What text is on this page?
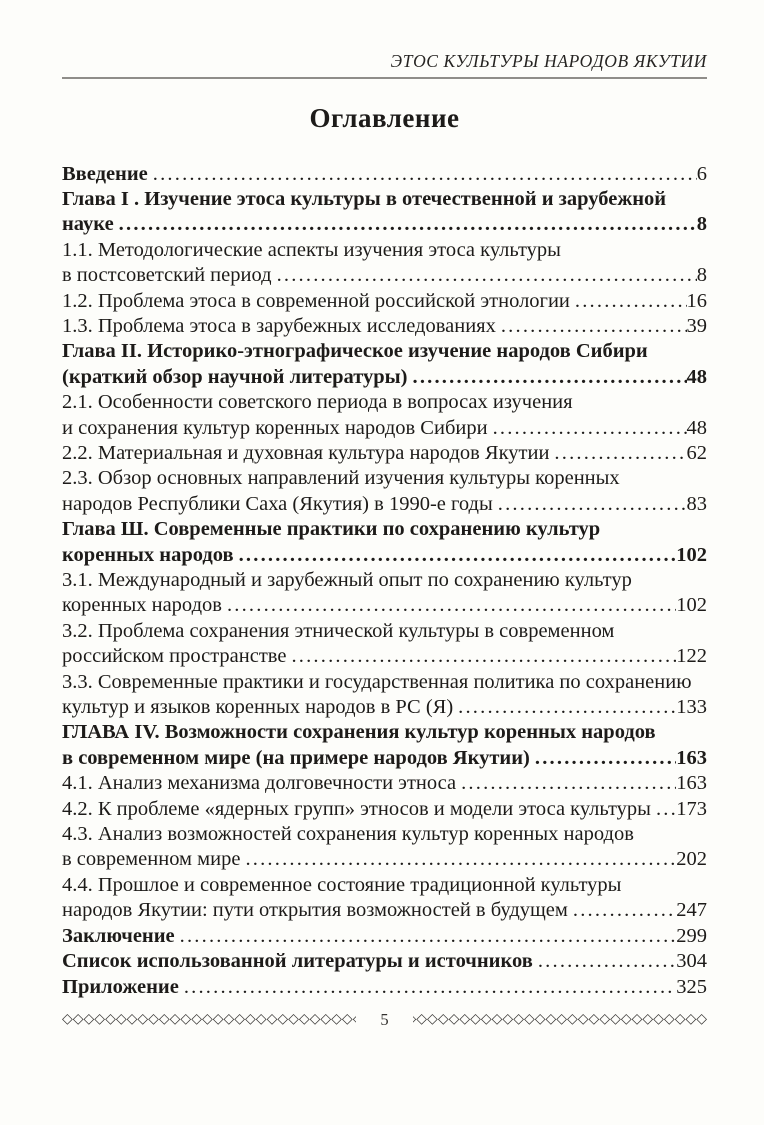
ЭТОС КУЛЬТУРЫ НАРОДОВ ЯКУТИИ
Оглавление
Введение .....	6
Глава I . Изучение этоса культуры в отечественной и зарубежной
науке .....	8
1.1. Методологические аспекты изучения этоса культуры
в постсоветский период .....	8
1.2. Проблема этоса в современной российской этнологии .....	16
1.3. Проблема этоса в зарубежных исследованиях .....	39
Глава II. Историко-этнографическое изучение народов Сибири
(краткий обзор научной литературы) .....	48
2.1. Особенности советского периода в вопросах изучения
и сохранения культур коренных народов Сибири .....	48
2.2. Материальная и духовная культура народов Якутии .....	62
2.3. Обзор основных направлений изучения культуры коренных
народов Республики Саха (Якутия) в 1990-е годы .....	83
Глава Ш. Современные практики по сохранению культур
коренных народов .....	102
3.1. Международный и зарубежный опыт по сохранению культур
коренных народов .....	102
3.2. Проблема сохранения этнической культуры в современном
российском пространстве .....	122
3.3. Современные практики и государственная политика по сохранению
культур и языков коренных народов в РС (Я) .....	133
ГЛАВА IV. Возможности сохранения культур коренных народов
в современном мире (на примере народов Якутии) .....	163
4.1. Анализ механизма долговечности этноса .....	163
4.2. К проблеме «ядерных групп» этносов и модели этоса культуры ..... 173
4.3. Анализ возможностей сохранения культур коренных народов
в современном мире .....	202
4.4. Прошлое и современное состояние традиционной культуры
народов Якутии: пути открытия возможностей в будущем .....	247
Заключение .....	299
Список использованной литературы и источников .....	304
Приложение .....	325
◇◇◇◇◇◇◇◇◇◇◇◇◇◇◇◇◇◇◇◇◇◇◇◇◇◇◇◇◇◇◇◇◇◇◇◇◇◇◇◇
5
◇◇◇◇◇◇◇◇◇◇◇◇◇◇◇◇◇◇◇◇◇◇◇◇◇◇◇◇◇◇◇◇◇◇◇◇◇◇◇◇
